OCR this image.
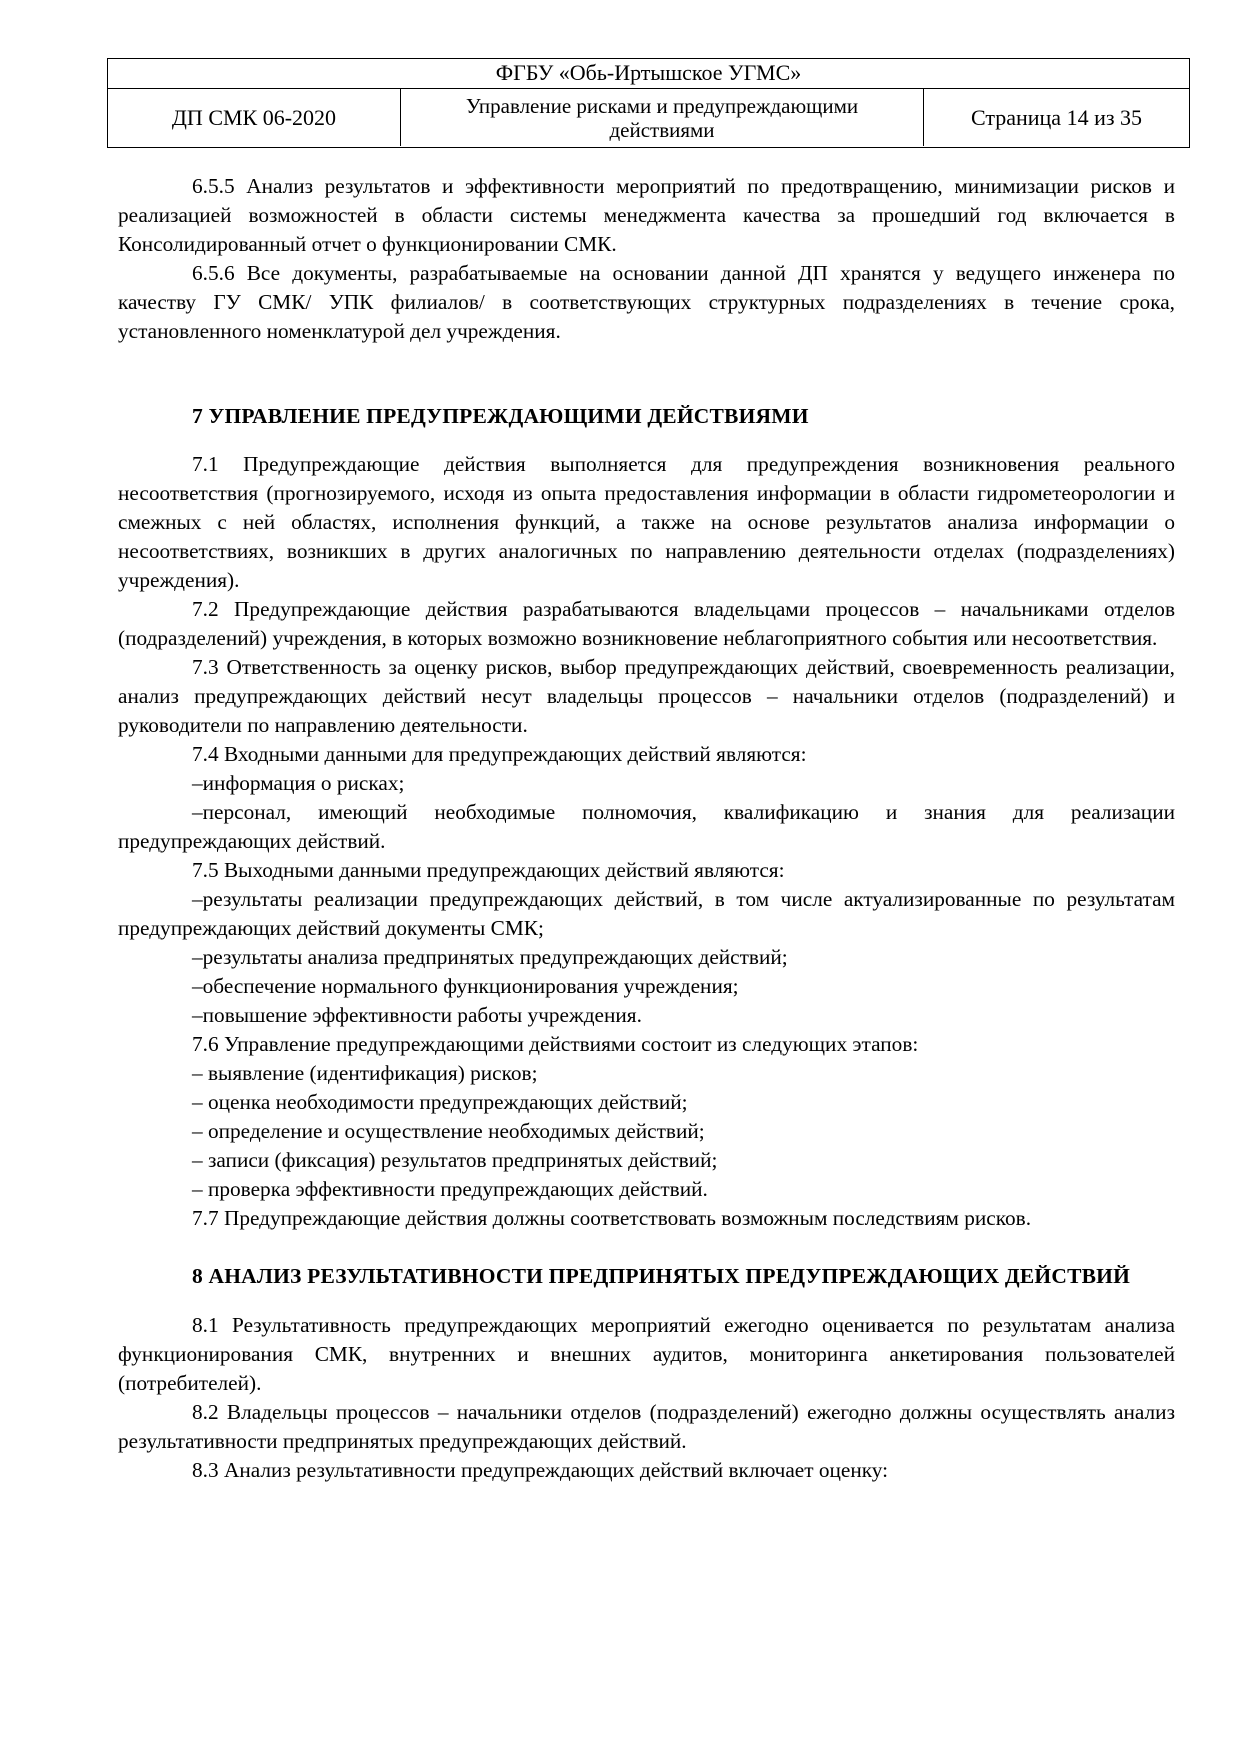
ФГБУ «Обь-Иртышское УГМС»
ДП СМК 06-2020	Управление рисками и предупреждающими действиями	Страница 14 из 35

6.5.5 Анализ результатов и эффективности мероприятий по предотвращению, минимизации рисков и реализацией возможностей в области системы менеджмента качества за прошедший год включается в Консолидированный отчет о функционировании СМК.

6.5.6 Все документы, разрабатываемые на основании данной ДП хранятся у ведущего инженера по качеству ГУ СМК/ УПК филиалов/ в соответствующих структурных подразделениях в течение срока, установленного номенклатурой дел учреждения.

7 УПРАВЛЕНИЕ ПРЕДУПРЕЖДАЮЩИМИ ДЕЙСТВИЯМИ

7.1 Предупреждающие действия выполняется для предупреждения возникновения реального несоответствия (прогнозируемого, исходя из опыта предоставления информации в области гидрометеорологии и смежных с ней областях, исполнения функций, а также на основе результатов анализа информации о несоответствиях, возникших в других аналогичных по направлению деятельности отделах (подразделениях) учреждения).

7.2 Предупреждающие действия разрабатываются владельцами процессов – начальниками отделов (подразделений) учреждения, в которых возможно возникновение неблагоприятного события или несоответствия.

7.3 Ответственность за оценку рисков, выбор предупреждающих действий, своевременность реализации, анализ предупреждающих действий несут владельцы процессов – начальники отделов (подразделений) и руководители по направлению деятельности.

7.4 Входными данными для предупреждающих действий являются:

–информация о рисках;

–персонал, имеющий необходимые полномочия, квалификацию и знания для реализации предупреждающих действий.

7.5 Выходными данными предупреждающих действий являются:

–результаты реализации предупреждающих действий, в том числе актуализированные по результатам предупреждающих действий документы СМК;

–результаты анализа предпринятых предупреждающих действий;

–обеспечение нормального функционирования учреждения;

–повышение эффективности работы учреждения.

7.6 Управление предупреждающими действиями состоит из следующих этапов:

– выявление (идентификация) рисков;

– оценка необходимости предупреждающих действий;

– определение и осуществление необходимых действий;

– записи (фиксация) результатов предпринятых действий;

– проверка эффективности предупреждающих действий.

7.7 Предупреждающие действия должны соответствовать возможным последствиям рисков.

8 АНАЛИЗ РЕЗУЛЬТАТИВНОСТИ ПРЕДПРИНЯТЫХ ПРЕДУПРЕЖДАЮЩИХ ДЕЙСТВИЙ

8.1 Результативность предупреждающих мероприятий ежегодно оценивается по результатам анализа функционирования СМК, внутренних и внешних аудитов, мониторинга анкетирования пользователей (потребителей).

8.2 Владельцы процессов – начальники отделов (подразделений) ежегодно должны осуществлять анализ результативности предпринятых предупреждающих действий.

8.3 Анализ результативности предупреждающих действий включает оценку:
